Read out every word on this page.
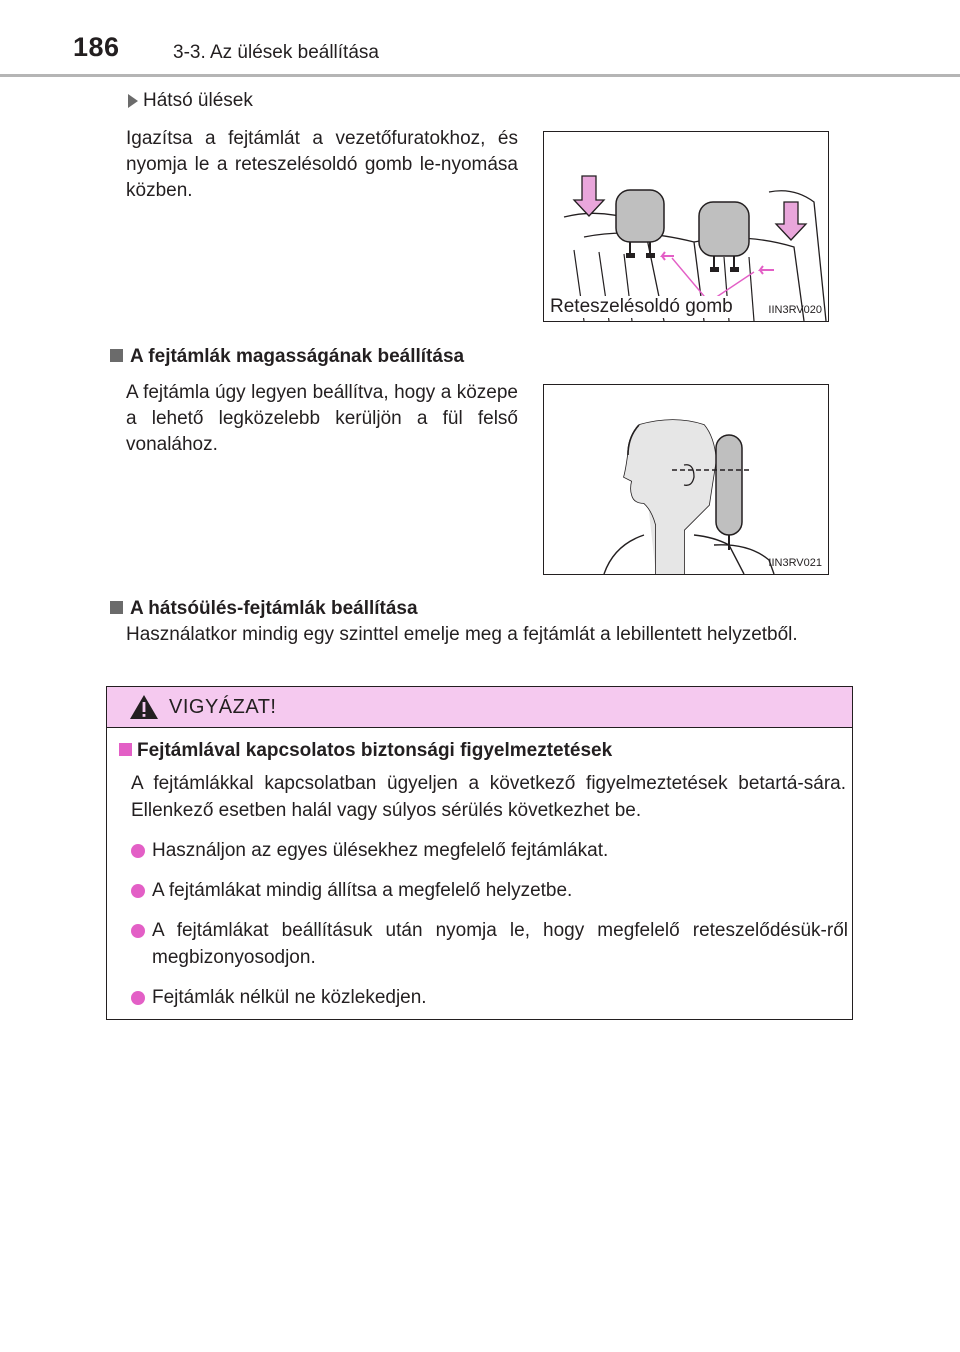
186	3-3. Az ülések beállítása
Hátsó ülések
Igazítsa a fejtámlát a vezetőfuratokhoz, és nyomja le a reteszelésoldó gomb le-nyomása közben.
Reteszelésoldó gomb	IIN3RV020
A fejtámlák magasságának beállítása
A fejtámla úgy legyen beállítva, hogy a közepe a lehető legközelebb kerüljön a fül felső vonalához.
IIN3RV021
A hátsóülés-fejtámlák beállítása
Használatkor mindig egy szinttel emelje meg a fejtámlát a lebillentett helyzetből.
VIGYÁZAT!
Fejtámlával kapcsolatos biztonsági figyelmeztetések
A fejtámlákkal kapcsolatban ügyeljen a következő figyelmeztetések betartá-sára. Ellenkező esetben halál vagy súlyos sérülés következhet be.
Használjon az egyes ülésekhez megfelelő fejtámlákat.
A fejtámlákat mindig állítsa a megfelelő helyzetbe.
A fejtámlákat beállításuk után nyomja le, hogy megfelelő reteszelődésük-ről megbizonyosodjon.
Fejtámlák nélkül ne közlekedjen.
